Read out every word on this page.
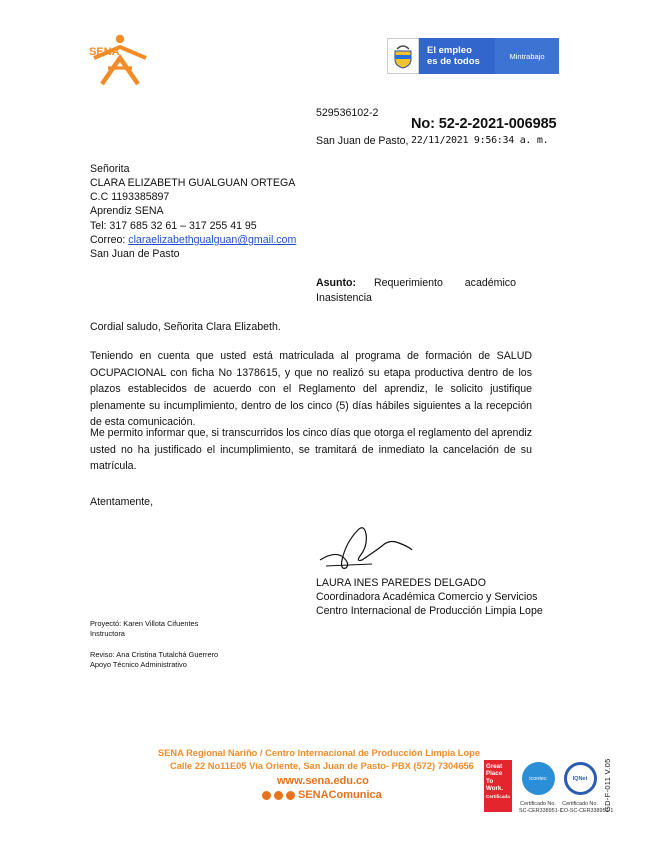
SENA	El empleo
es de todos	Mintrabajo
529536102-2
San Juan de Pasto,
No: 52-2-2021-006985
22/11/2021 9:56:34 a. m.
Señorita
CLARA ELIZABETH GUALGUAN ORTEGA
C.C 1193385897
Aprendiz SENA
Tel: 317 685 32 61 – 317 255 41 95
Correo: claraelizabethgualguan@gmail.com
San Juan de Pasto
Asunto: Requerimiento académico
Inasistencia
Cordial saludo, Señorita Clara Elizabeth.
Teniendo en cuenta que usted está matriculada al programa de formación de SALUD OCUPACIONAL con ficha No 1378615, y que no realizó su etapa productiva dentro de los plazos establecidos de acuerdo con el Reglamento del aprendiz, le solicito justifique plenamente su incumplimiento, dentro de los cinco (5) días hábiles siguientes a la recepción de esta comunicación.
Me permito informar que, si transcurridos los cinco días que otorga el reglamento del aprendiz usted no ha justificado el incumplimiento, se tramitará de inmediato la cancelación de su matrícula.
Atentamente,
LAURA INES PAREDES DELGADO
Coordinadora Académica Comercio y Servicios
Centro Internacional de Producción Limpia Lope
Proyectó: Karen Villota Cifuentes
Instructora
Reviso: Ana Cristina Tutalchá Guerrero
Apoyo Técnico Administrativo
SENA Regional Nariño / Centro Internacional de Producción Limpia Lope
Calle 22 No11E05 Vía Oriente, San Juan de Pasto- PBX (572) 7304656
www.sena.edu.co
SENAComunica
Great
Place
To
Work.
Certificada
icontec
Certificado No.
SC-CER338951-1
IQNet
Certificado No.
CO-SC-CER338951-1
GD-F-011 V.05
